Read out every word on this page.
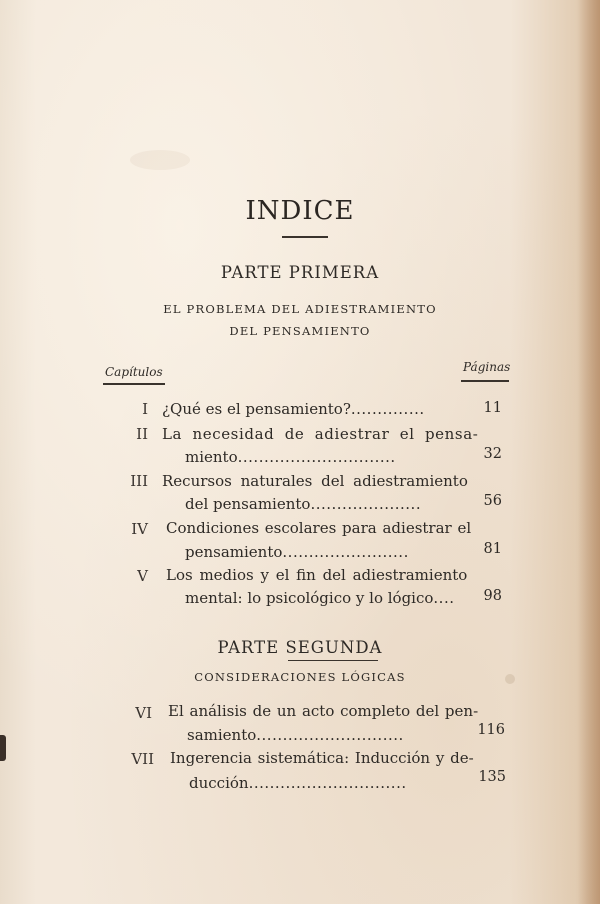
INDICE
PARTE PRIMERA
EL PROBLEMA DEL ADIESTRAMIENTO
DEL PENSAMIENTO
Capítulos	Páginas
I ¿Qué es el pensamiento?..............	11
II La necesidad de adiestrar el pensa-
miento..............................	32
III Recursos naturales del adiestramiento
del pensamiento.....................	56
IV Condiciones escolares para adiestrar el
pensamiento........................	81
V Los medios y el fin del adiestramiento
mental: lo psicológico y lo lógico....	98
PARTE SEGUNDA
CONSIDERACIONES LÓGICAS
VI El análisis de un acto completo del pen-
samiento............................	116
VII Ingerencia sistemática: Inducción y de-
ducción..............................	135
